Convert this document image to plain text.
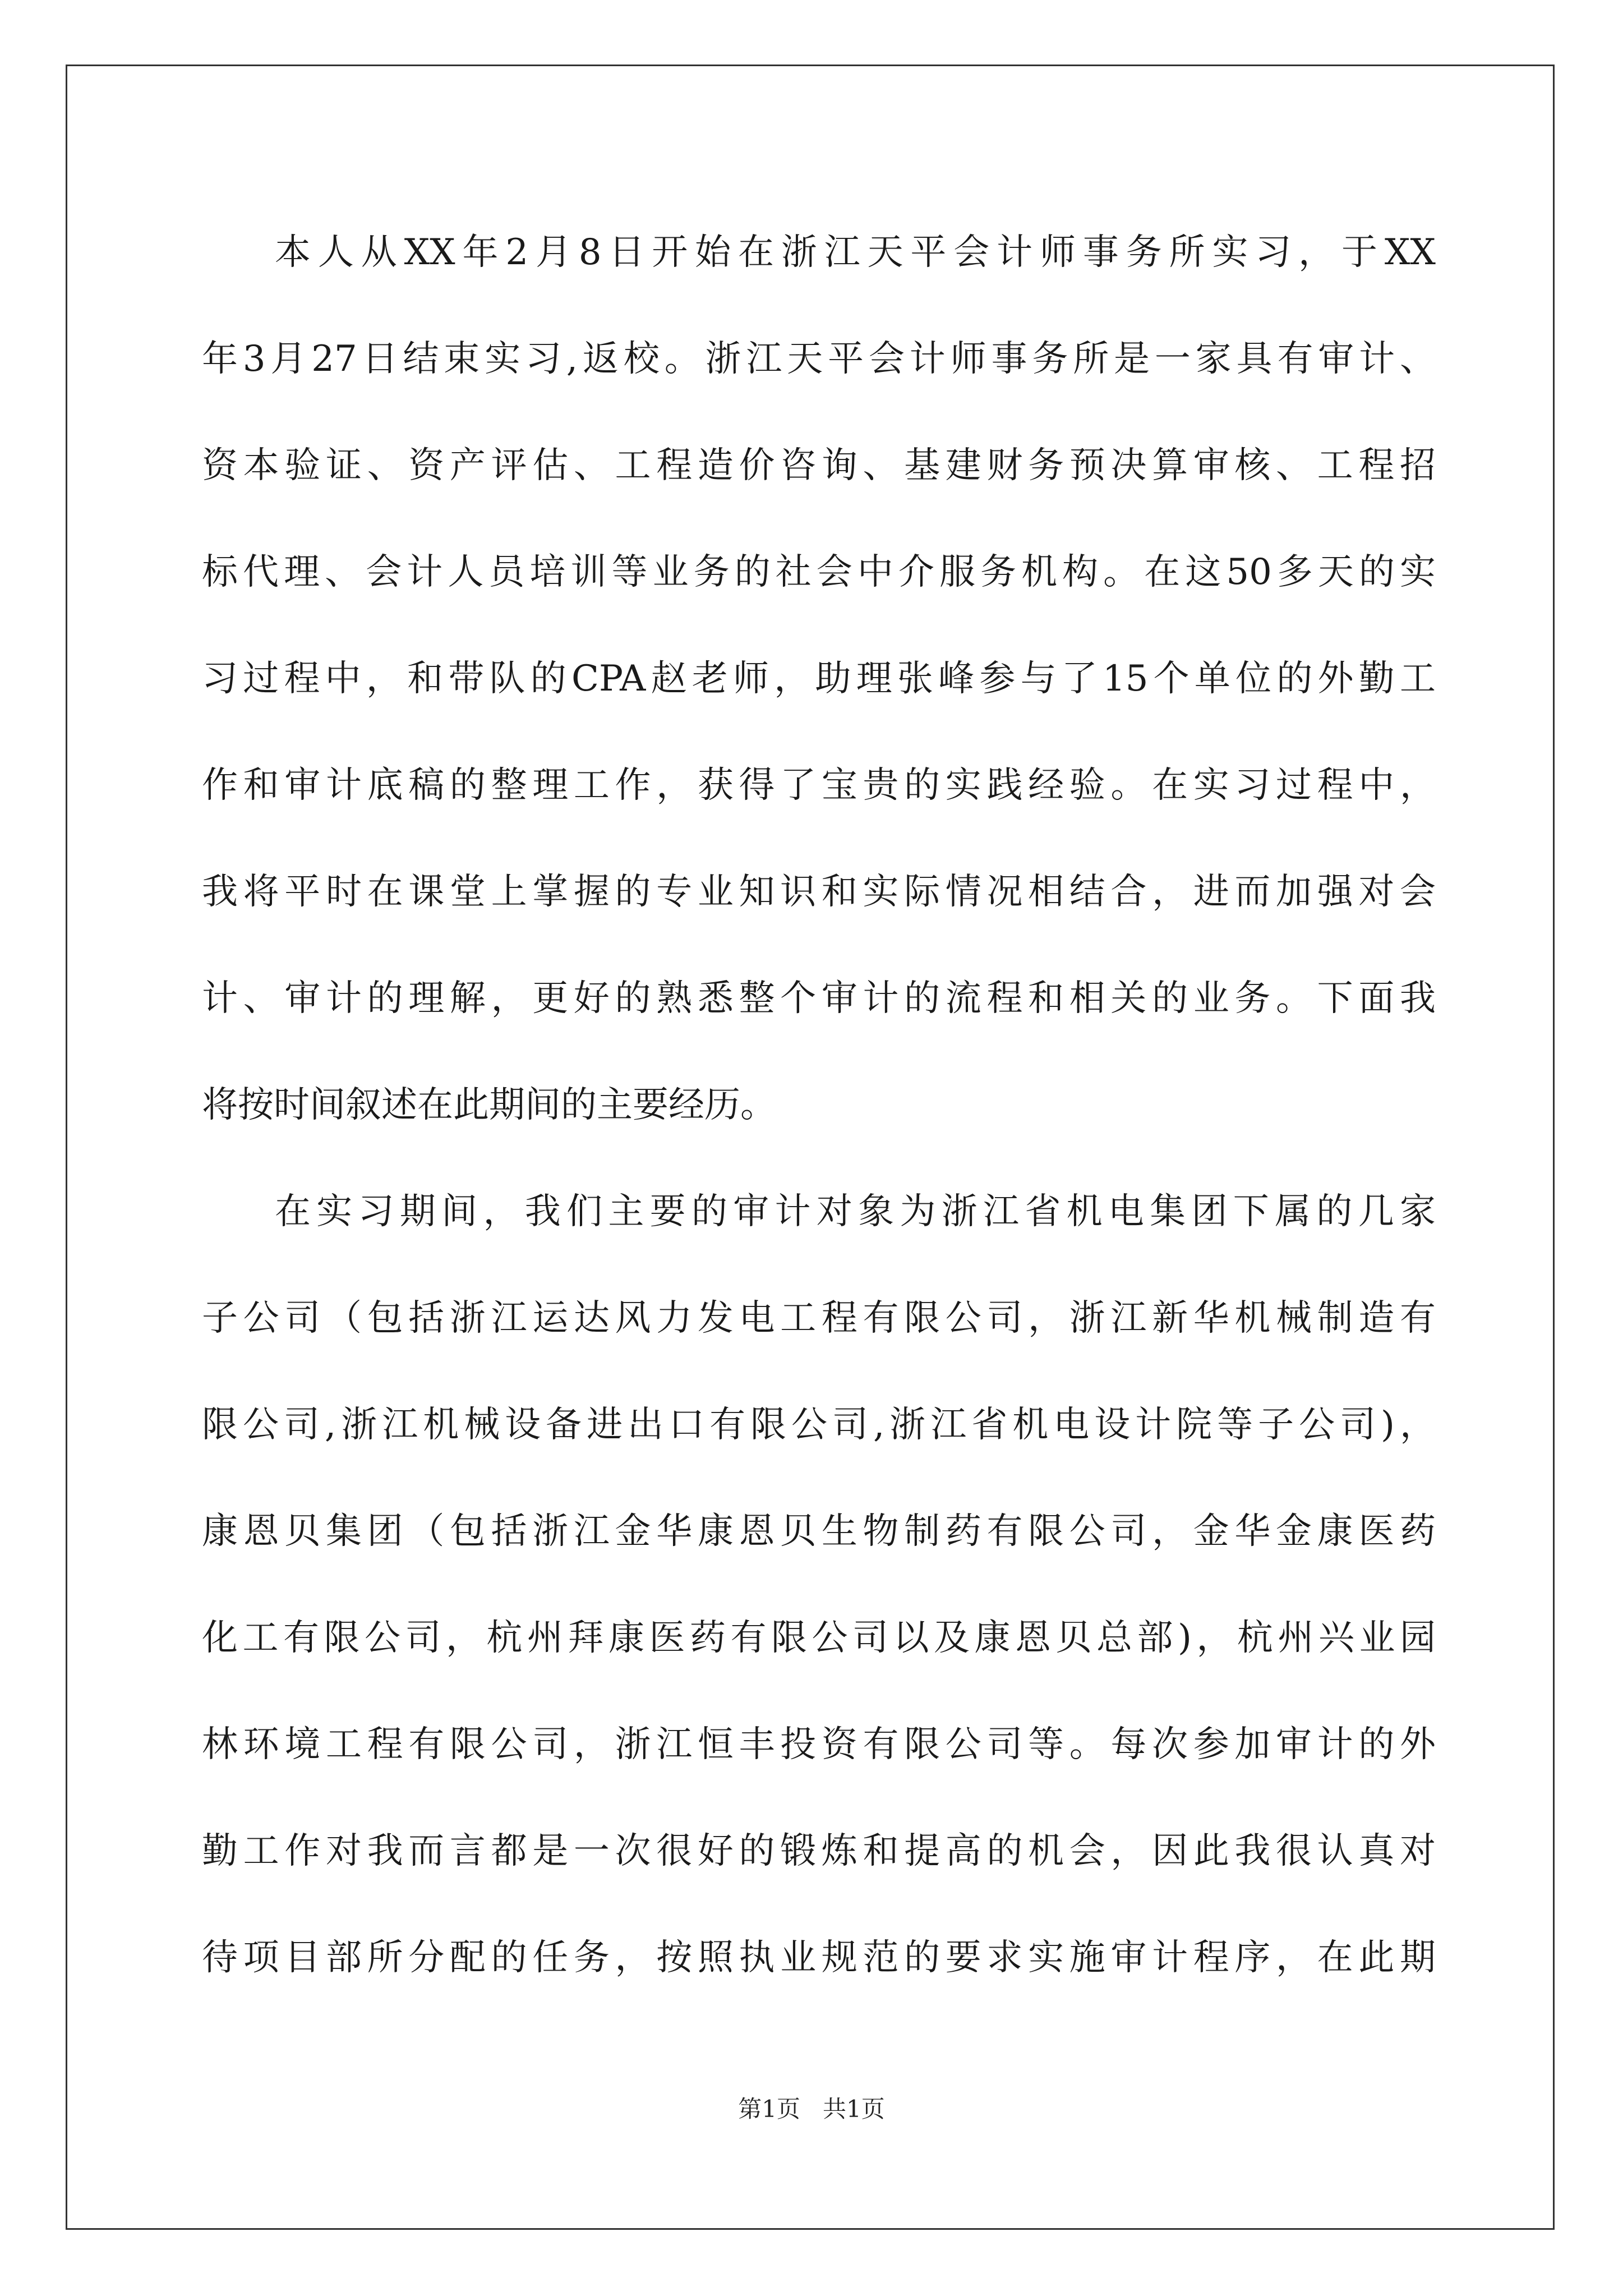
本人从XX年2月8日开始在浙江天平会计师事务所实习，于XX
年3月27日结束实习,返校。浙江天平会计师事务所是一家具有审计、
资本验证、资产评估、工程造价咨询、基建财务预决算审核、工程招
标代理、会计人员培训等业务的社会中介服务机构。在这50多天的实
习过程中，和带队的CPA赵老师，助理张峰参与了15个单位的外勤工
作和审计底稿的整理工作，获得了宝贵的实践经验。在实习过程中，
我将平时在课堂上掌握的专业知识和实际情况相结合，进而加强对会
计、审计的理解，更好的熟悉整个审计的流程和相关的业务。下面我
将按时间叙述在此期间的主要经历。
在实习期间，我们主要的审计对象为浙江省机电集团下属的几家
子公司（包括浙江运达风力发电工程有限公司，浙江新华机械制造有
限公司,浙江机械设备进出口有限公司,浙江省机电设计院等子公司)，
康恩贝集团（包括浙江金华康恩贝生物制药有限公司，金华金康医药
化工有限公司，杭州拜康医药有限公司以及康恩贝总部)，杭州兴业园
林环境工程有限公司，浙江恒丰投资有限公司等。每次参加审计的外
勤工作对我而言都是一次很好的锻炼和提高的机会，因此我很认真对
待项目部所分配的任务，按照执业规范的要求实施审计程序，在此期
第1页   共1页
